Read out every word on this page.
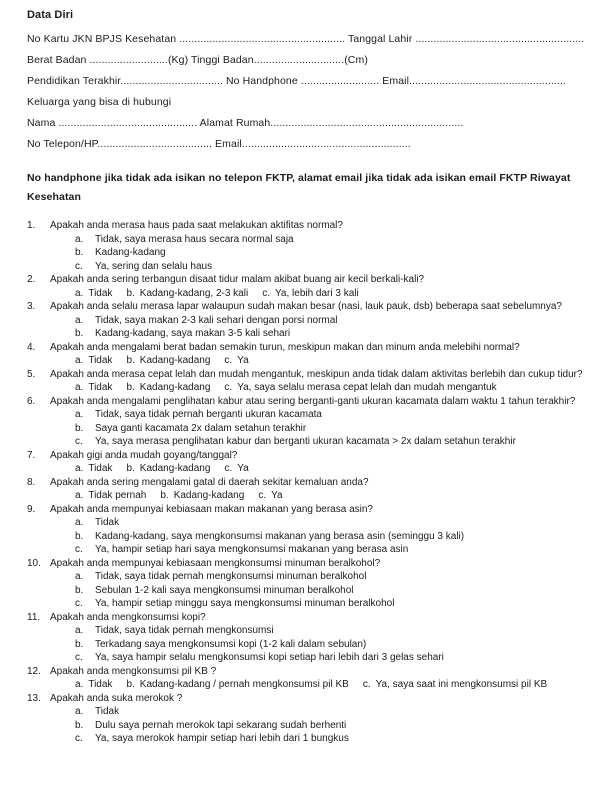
Data Diri
No Kartu JKN BPJS Kesehatan ....................................................... Tanggal Lahir ........................................................
Berat Badan ..........................(Kg) Tinggi Badan..............................(Cm)
Pendidikan Terakhir.................................. No Handphone .......................... Email....................................................
Keluarga yang bisa di hubungi
Nama .............................................. Alamat Rumah................................................................
No Telepon/HP...................................... Email........................................................
No handphone jika tidak ada isikan no telepon FKTP, alamat email jika tidak ada isikan email FKTP Riwayat
Kesehatan
1.	Apakah anda merasa haus pada saat melakukan aktifitas normal?
a.	Tidak, saya merasa haus secara normal saja
b.	Kadang-kadang
c.	Ya, sering dan selalu haus
2.	Apakah anda sering terbangun disaat tidur malam akibat buang air kecil berkali-kali?
a. Tidak b. Kadang-kadang, 2-3 kali c. Ya, lebih dari 3 kali
3.	Apakah anda selalu merasa lapar walaupun sudah makan besar (nasi, lauk pauk, dsb) beberapa saat sebelumnya?
a.	Tidak, saya makan 2-3 kali sehari dengan porsi normal
b.	Kadang-kadang, saya makan 3-5 kali sehari
4.	Apakah anda mengalami berat badan semakin turun, meskipun makan dan minum anda melebihi normal?
a. Tidak b. Kadang-kadang c. Ya
5.	Apakah anda merasa cepat lelah dan mudah mengantuk, meskipun anda tidak dalam aktivitas berlebih dan cukup tidur?
a. Tidak b. Kadang-kadang c. Ya, saya selalu merasa cepat lelah dan mudah mengantuk
6.	Apakah anda mengalami penglihatan kabur atau sering berganti-ganti ukuran kacamata dalam waktu 1 tahun terakhir?
a.	Tidak, saya tidak pernah berganti ukuran kacamata
b.	Saya ganti kacamata 2x dalam setahun terakhir
c.	Ya, saya merasa penglihatan kabur dan berganti ukuran kacamata > 2x dalam setahun terakhir
7.	Apakah gigi anda mudah goyang/tanggal?
a. Tidak b. Kadang-kadang c. Ya
8.	Apakah anda sering mengalami gatal di daerah sekitar kemaluan anda?
a. Tidak pernah b. Kadang-kadang c. Ya
9.	Apakah anda mempunyai kebiasaan makan makanan yang berasa asin?
a.	Tidak
b.	Kadang-kadang, saya mengkonsumsi makanan yang berasa asin (seminggu 3 kali)
c.	Ya, hampir setiap hari saya mengkonsumsi makanan yang berasa asin
10. Apakah anda mempunyai kebiasaan mengkonsumsi minuman beralkohol?
a.	Tidak, saya tidak pernah mengkonsumsi minuman beralkohol
b.	Sebulan 1-2 kali saya mengkonsumsi minuman beralkohol
c.	Ya, hampir setiap minggu saya mengkonsumsi minuman beralkohol
11. Apakah anda mengkonsumsi kopi?
a.	Tidak, saya tidak pernah mengkonsumsi
b.	Terkadang saya mengkonsumsi kopi (1-2 kali dalam sebulan)
c.	Ya, saya hampir selalu mengkonsumsi kopi setiap hari lebih dari 3 gelas sehari
12. Apakah anda mengkonsumsi pil KB ?
a. Tidak b. Kadang-kadang / pernah mengkonsumsi pil KB c. Ya, saya saat ini mengkonsumsi pil KB
13. Apakah anda suka merokok ?
a.	Tidak
b.	Dulu saya pernah merokok tapi sekarang sudah berhenti
c.	Ya, saya merokok hampir setiap hari lebih dari 1 bungkus
